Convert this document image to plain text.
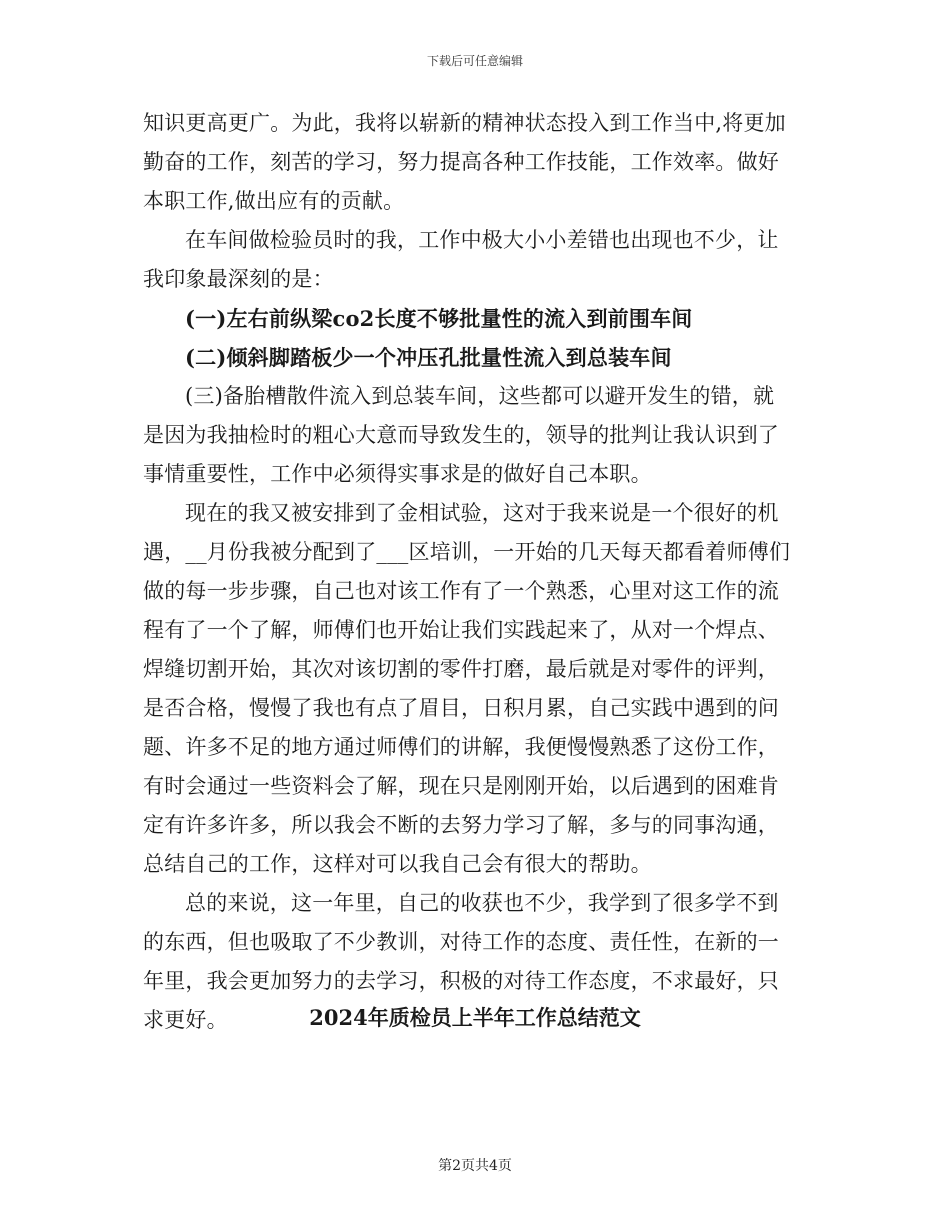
下载后可任意编辑

知识更高更广。为此，我将以崭新的精神状态投入到工作当中,将更加
勤奋的工作，刻苦的学习，努力提高各种工作技能，工作效率。做好
本职工作,做出应有的贡献。

在车间做检验员时的我，工作中极大小小差错也出现也不少，让
我印象最深刻的是：

(一)左右前纵梁co2长度不够批量性的流入到前围车间

(二)倾斜脚踏板少一个冲压孔批量性流入到总装车间

(三)备胎槽散件流入到总装车间，这些都可以避开发生的错，就
是因为我抽检时的粗心大意而导致发生的，领导的批判让我认识到了
事情重要性，工作中必须得实事求是的做好自己本职。

现在的我又被安排到了金相试验，这对于我来说是一个很好的机
遇，__月份我被分配到了___区培训，一开始的几天每天都看着师傅们
做的每一步步骤，自己也对该工作有了一个熟悉，心里对这工作的流
程有了一个了解，师傅们也开始让我们实践起来了，从对一个焊点、
焊缝切割开始，其次对该切割的零件打磨，最后就是对零件的评判，
是否合格，慢慢了我也有点了眉目，日积月累，自己实践中遇到的问
题、许多不足的地方通过师傅们的讲解，我便慢慢熟悉了这份工作，
有时会通过一些资料会了解，现在只是刚刚开始，以后遇到的困难肯
定有许多许多，所以我会不断的去努力学习了解，多与的同事沟通，
总结自己的工作，这样对可以我自己会有很大的帮助。

总的来说，这一年里，自己的收获也不少，我学到了很多学不到
的东西，但也吸取了不少教训，对待工作的态度、责任性，在新的一
年里，我会更加努力的去学习，积极的对待工作态度，不求最好，只
求更好。	2024年质检员上半年工作总结范文
第2页共4页
